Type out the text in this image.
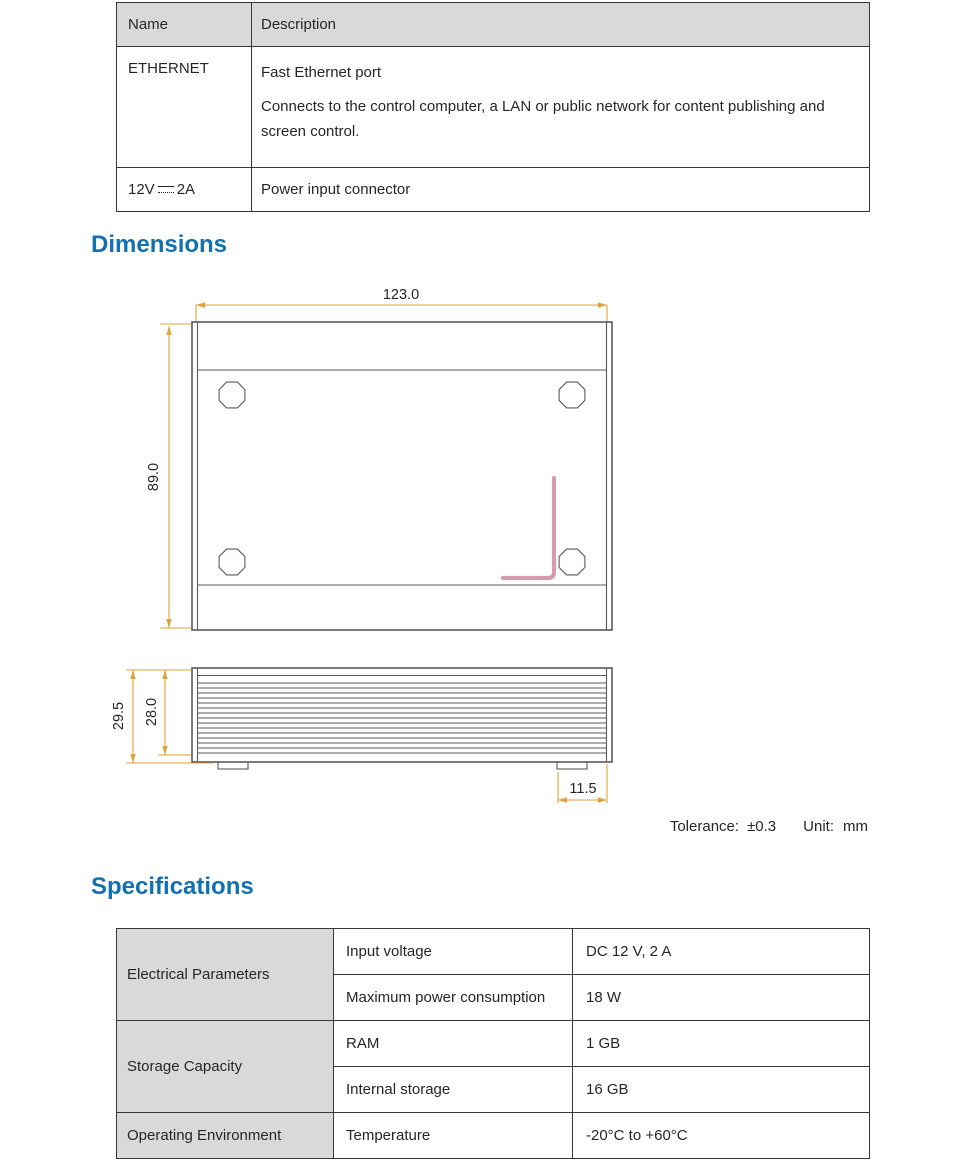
Name	Description
ETHERNET	Fast Ethernet port

Connects to the control computer, a LAN or public network for content publishing and screen control.

12V 2A	Power input connector
Dimensions
123.0
89.0
29.5 28.0
11.5
Tolerance: ±0.3 Unit: mm
Specifications
Electrical Parameters	Input voltage	DC 12 V, 2 A
	Maximum power consumption	18 W
Storage Capacity	RAM	1 GB
	Internal storage	16 GB
Operating Environment	Temperature	-20°C to +60°C
